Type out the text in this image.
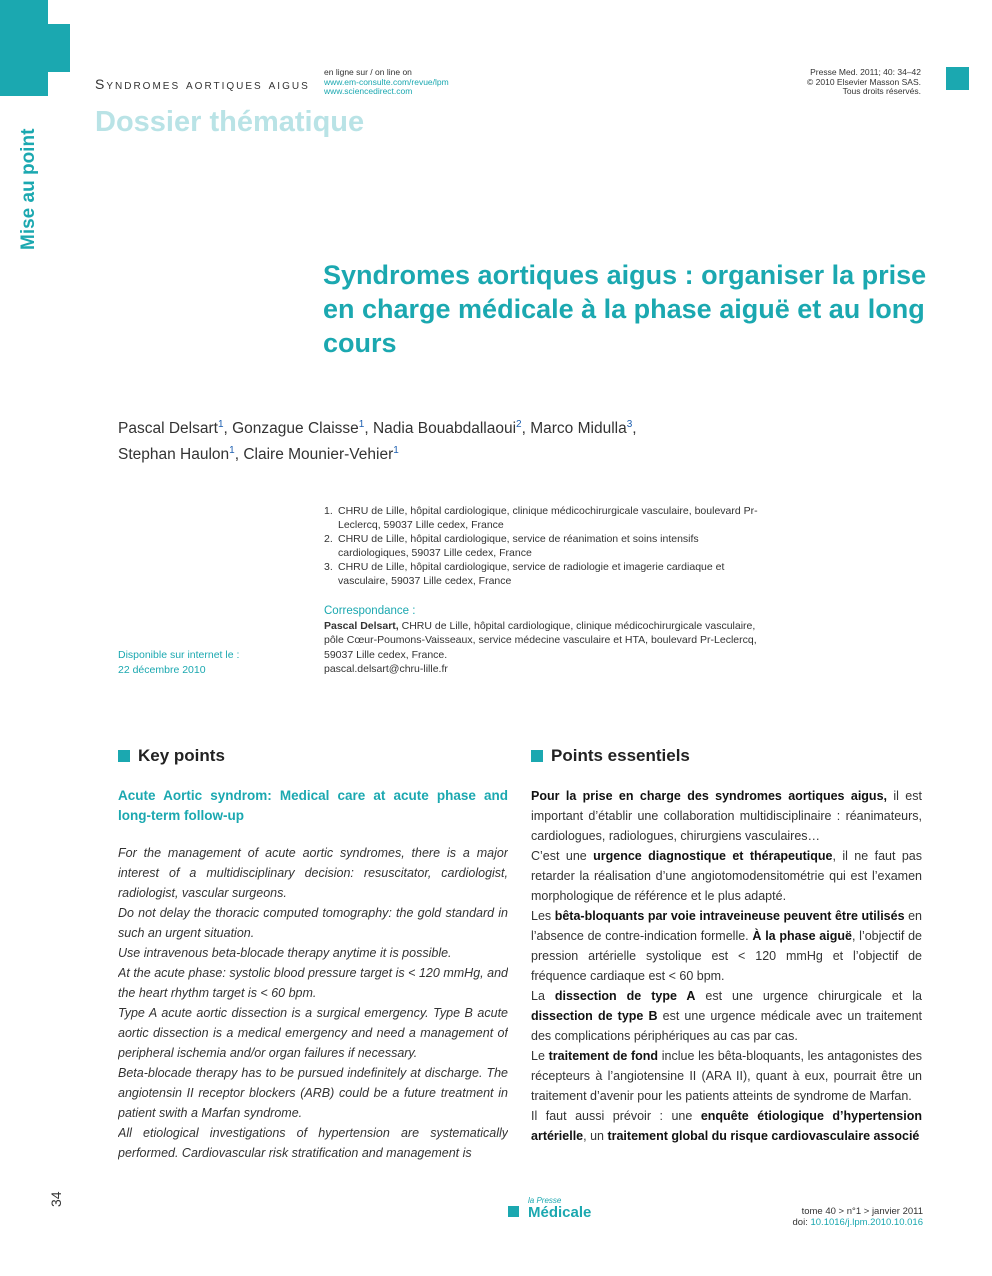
Syndromes aortiques aigus
en ligne sur / on line on
www.em-consulte.com/revue/lpm
www.sciencedirect.com
Presse Med. 2011; 40: 34–42
© 2010 Elsevier Masson SAS.
Tous droits réservés.
Dossier thématique
Mise au point
Syndromes aortiques aigus : organiser la prise en charge médicale à la phase aiguë et au long cours
Pascal Delsart$^1$, Gonzague Claisse$^1$, Nadia Bouabdallaoui$^2$, Marco Midulla$^3$,
Stephan Haulon$^1$, Claire Mounier-Vehier$^1$
1. CHRU de Lille, hôpital cardiologique, clinique médicochirurgicale vasculaire, boulevard Pr-Leclercq, 59037 Lille cedex, France
2. CHRU de Lille, hôpital cardiologique, service de réanimation et soins intensifs cardiologiques, 59037 Lille cedex, France
3. CHRU de Lille, hôpital cardiologique, service de radiologie et imagerie cardiaque et vasculaire, 59037 Lille cedex, France
Correspondance :
Pascal Delsart, CHRU de Lille, hôpital cardiologique, clinique médicochirurgicale vasculaire, pôle Cœur-Poumons-Vaisseaux, service médecine vasculaire et HTA, boulevard Pr-Leclercq, 59037 Lille cedex, France.
pascal.delsart@chru-lille.fr
Disponible sur internet le :
22 décembre 2010
Key points
Acute Aortic syndrom: Medical care at acute phase and long-term follow-up

For the management of acute aortic syndromes, there is a major interest of a multidisciplinary decision: resuscitator, cardiologist, radiologist, vascular surgeons.

Do not delay the thoracic computed tomography: the gold standard in such an urgent situation.

Use intravenous beta-blocade therapy anytime it is possible.

At the acute phase: systolic blood pressure target is < 120 mmHg, and the heart rhythm target is < 60 bpm.

Type A acute aortic dissection is a surgical emergency. Type B acute aortic dissection is a medical emergency and need a management of peripheral ischemia and/or organ failures if necessary.

Beta-blocade therapy has to be pursued indefinitely at discharge. The angiotensin II receptor blockers (ARB) could be a future treatment in patient swith a Marfan syndrome.

All etiological investigations of hypertension are systematically performed. Cardiovascular risk stratification and management is

Points essentiels

Pour la prise en charge des syndromes aortiques aigus, il est important d’établir une collaboration multidisciplinaire : réanimateurs, cardiologues, radiologues, chirurgiens vasculaires…

C’est une urgence diagnostique et thérapeutique, il ne faut pas retarder la réalisation d’une angiotomodensitométrie qui est l’examen morphologique de référence et le plus adapté.

Les bêta-bloquants par voie intraveineuse peuvent être utilisés en l’absence de contre-indication formelle. À la phase aiguë, l’objectif de pression artérielle systolique est < 120 mmHg et l’objectif de fréquence cardiaque est < 60 bpm.

La dissection de type A est une urgence chirurgicale et la dissection de type B est une urgence médicale avec un traitement des complications périphériques au cas par cas.

Le traitement de fond inclue les bêta-bloquants, les antagonistes des récepteurs à l’angiotensine II (ARA II), quant à eux, pourrait être un traitement d’avenir pour les patients atteints de syndrome de Marfan.

Il faut aussi prévoir : une enquête étiologique d’hypertension artérielle, un traitement global du risque cardiovasculaire associé

34	la Presse
Médicale	tome 40 > n°1 > janvier 2011
doi: 10.1016/j.lpm.2010.10.016
